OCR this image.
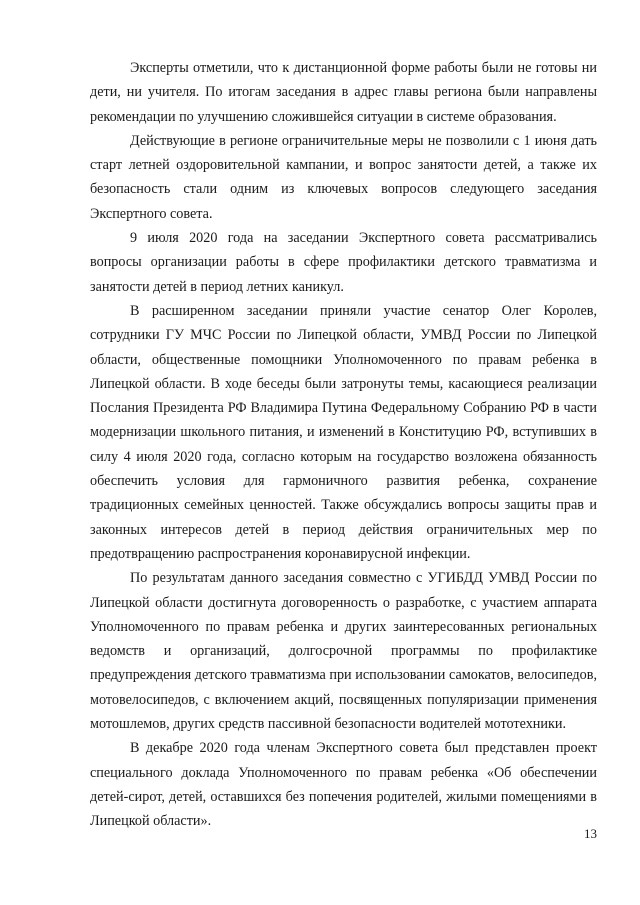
Эксперты отметили, что к дистанционной форме работы были не готовы ни дети, ни учителя. По итогам заседания в адрес главы региона были направлены рекомендации по улучшению сложившейся ситуации в системе образования.

Действующие в регионе ограничительные меры не позволили с 1 июня дать старт летней оздоровительной кампании, и вопрос занятости детей, а также их безопасность стали одним из ключевых вопросов следующего заседания Экспертного совета.

9 июля 2020 года на заседании Экспертного совета рассматривались вопросы организации работы в сфере профилактики детского травматизма и занятости детей в период летних каникул.

В расширенном заседании приняли участие сенатор Олег Королев, сотрудники ГУ МЧС России по Липецкой области, УМВД России по Липецкой области, общественные помощники Уполномоченного по правам ребенка в Липецкой области. В ходе беседы были затронуты темы, касающиеся реализации Послания Президента РФ Владимира Путина Федеральному Собранию РФ в части модернизации школьного питания, и изменений в Конституцию РФ, вступивших в силу 4 июля 2020 года, согласно которым на государство возложена обязанность обеспечить условия для гармоничного развития ребенка, сохранение традиционных семейных ценностей. Также обсуждались вопросы защиты прав и законных интересов детей в период действия ограничительных мер по предотвращению распространения коронавирусной инфекции.

По результатам данного заседания совместно с УГИБДД УМВД России по Липецкой области достигнута договоренность о разработке, с участием аппарата Уполномоченного по правам ребенка и других заинтересованных региональных ведомств и организаций, долгосрочной программы по профилактике предупреждения детского травматизма при использовании самокатов, велосипедов, мотовелосипедов, с включением акций, посвященных популяризации применения мотошлемов, других средств пассивной безопасности водителей мототехники.

В декабре 2020 года членам Экспертного совета был представлен проект специального доклада Уполномоченного по правам ребенка «Об обеспечении детей-сирот, детей, оставшихся без попечения родителей, жилыми помещениями в Липецкой области».

13
